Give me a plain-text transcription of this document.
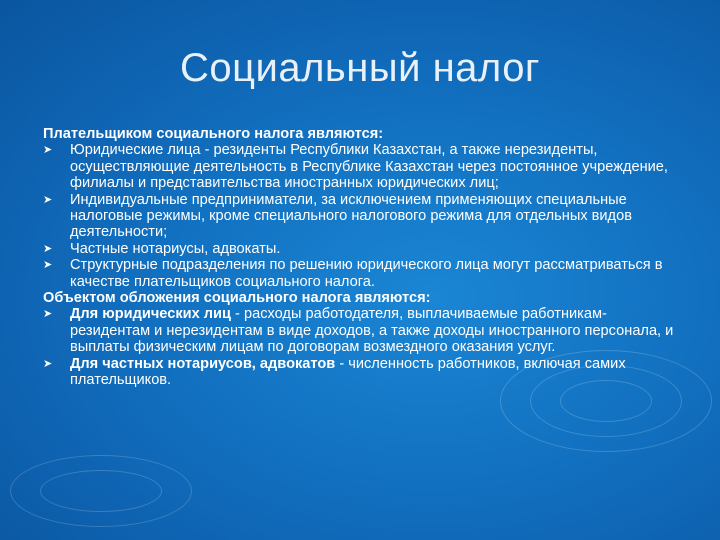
Социальный налог
Плательщиком социального налога являются:
➤	Юридические лица - резиденты Республики Казахстан, а также нерезиденты, осуществляющие деятельность в Республике Казахстан через постоянное учреждение, филиалы и представительства иностранных юридических лиц;
➤	Индивидуальные предприниматели, за исключением применяющих специальные налоговые режимы, кроме специального налогового режима для отдельных видов деятельности;
➤	Частные нотариусы, адвокаты.
➤	Структурные подразделения по решению юридического лица могут рассматриваться в качестве плательщиков социального налога.
Объектом обложения социального налога являются:
➤	Для юридических лиц - расходы работодателя, выплачиваемые работникам-резидентам и нерезидентам в виде доходов, а также доходы иностранного персонала, и выплаты физическим лицам по договорам возмездного оказания услуг.
➤	Для частных нотариусов, адвокатов - численность работников, включая самих плательщиков.
